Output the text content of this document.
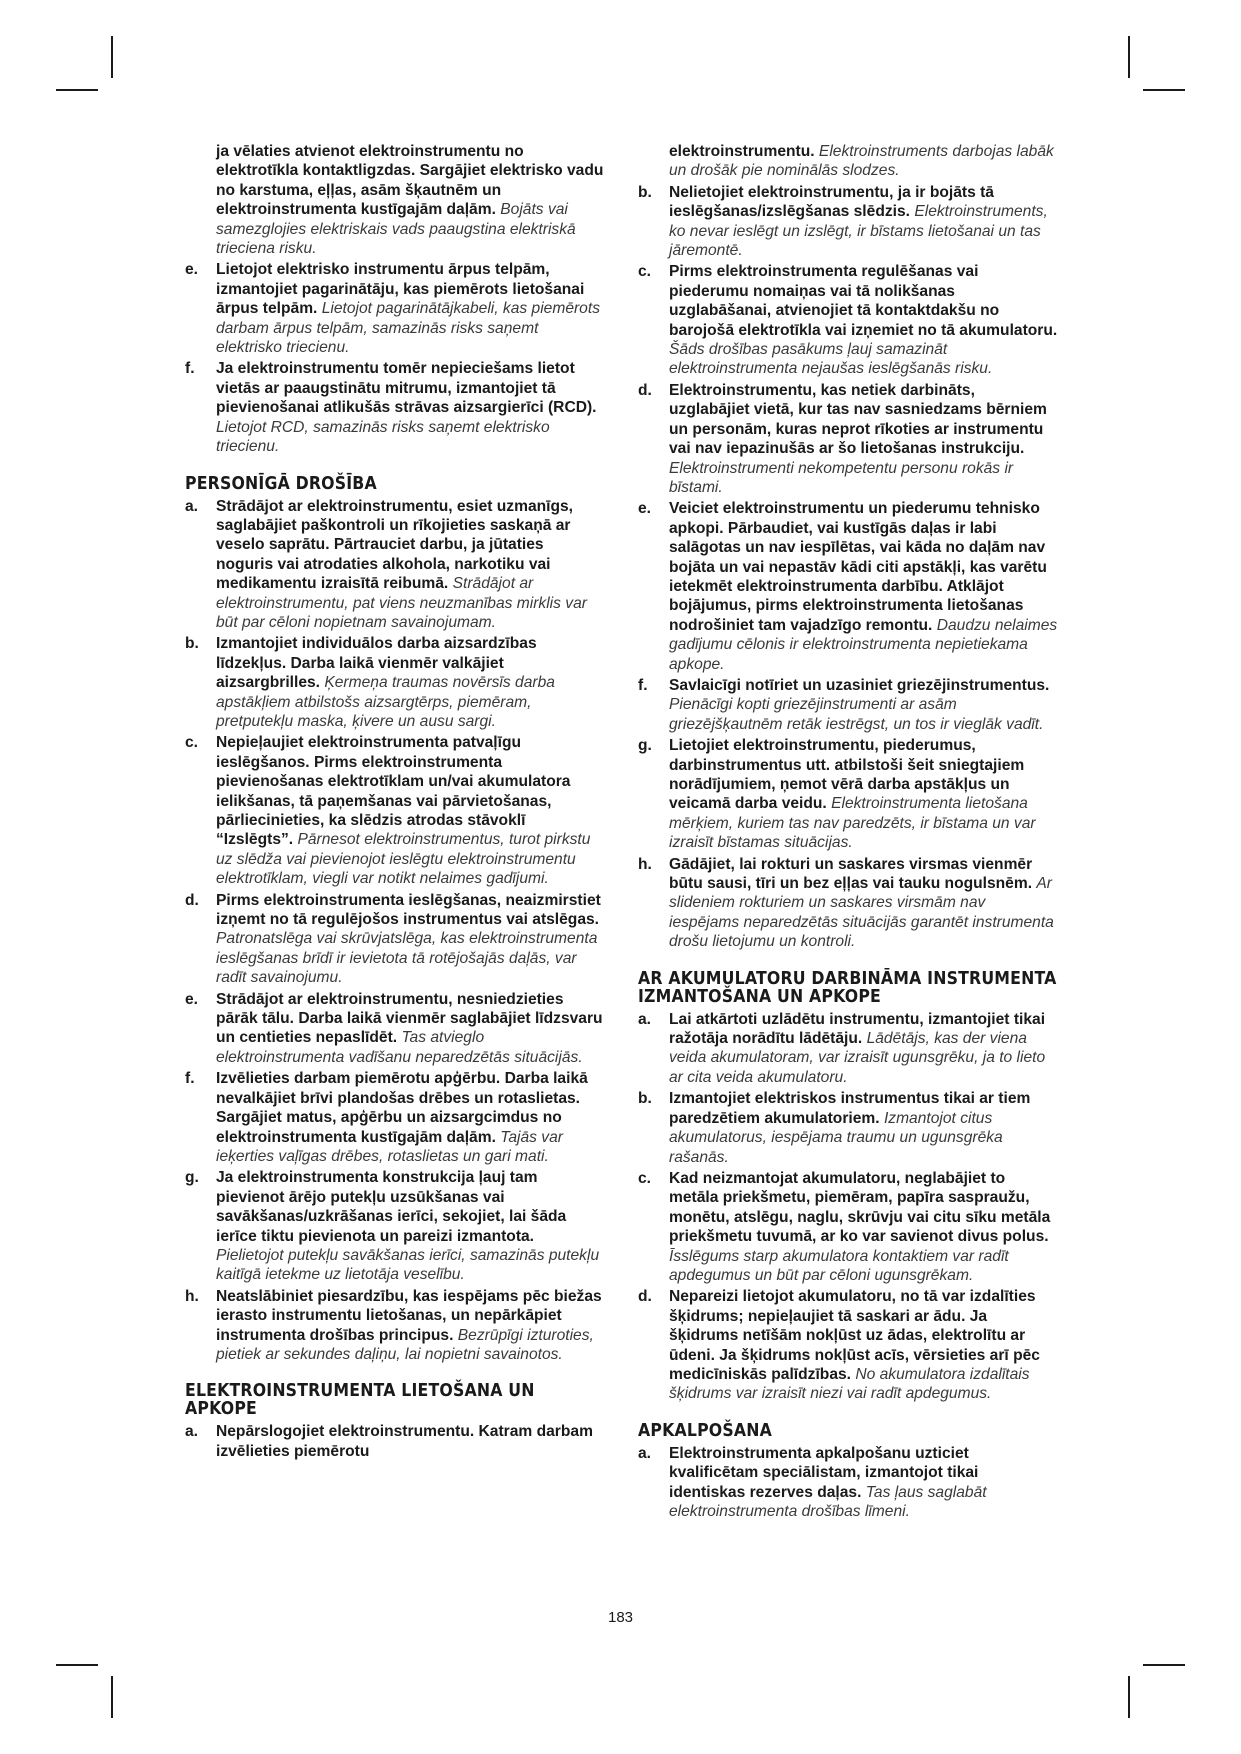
ja vēlaties atvienot elektroinstrumentu no elektrotīkla kontaktligzdas. Sargājiet elektrisko vadu no karstuma, eļļas, asām šķautnēm un elektroinstrumenta kustīgajām daļām. Bojāts vai samezglojies elektriskais vads paaugstina elektriskā trieciena risku.

e. Lietojot elektrisko instrumentu ārpus telpām, izmantojiet pagarinātāju, kas piemērots lietošanai ārpus telpām. Lietojot pagarinātājkabeli, kas piemērots darbam ārpus telpām, samazinās risks saņemt elektrisko triecienu.

f. Ja elektroinstrumentu tomēr nepieciešams lietot vietās ar paaugstinātu mitrumu, izmantojiet tā pievienošanai atlikušās strāvas aizsargierīci (RCD). Lietojot RCD, samazinās risks saņemt elektrisko triecienu.

PERSONĪGĀ DROŠĪBA

a. Strādājot ar elektroinstrumentu, esiet uzmanīgs, saglabājiet paškontroli un rīkojieties saskaņā ar veselo saprātu. Pārtrauciet darbu, ja jūtaties noguris vai atrodaties alkohola, narkotiku vai medikamentu izraisītā reibumā. Strādājot ar elektroinstrumentu, pat viens neuzmanības mirklis var būt par cēloni nopietnam savainojumam.

b. Izmantojiet individuālos darba aizsardzības līdzekļus. Darba laikā vienmēr valkājiet aizsargbrilles. Ķermeņa traumas novērsīs darba apstākļiem atbilstošs aizsargtērps, piemēram, pretputekļu maska, ķivere un ausu sargi.

c. Nepieļaujiet elektroinstrumenta patvaļīgu ieslēgšanos. Pirms elektroinstrumenta pievienošanas elektrotīklam un/vai akumulatora ielikšanas, tā paņemšanas vai pārvietošanas, pārliecinieties, ka slēdzis atrodas stāvoklī “Izslēgts”. Pārnesot elektroinstrumentus, turot pirkstu uz slēdža vai pievienojot ieslēgtu elektroinstrumentu elektrotīklam, viegli var notikt nelaimes gadījumi.

d. Pirms elektroinstrumenta ieslēgšanas, neaizmirstiet izņemt no tā regulējošos instrumentus vai atslēgas. Patronatslēga vai skrūvjatslēga, kas elektroinstrumenta ieslēgšanas brīdī ir ievietota tā rotējošajās daļās, var radīt savainojumu.

e. Strādājot ar elektroinstrumentu, nesniedzieties pārāk tālu. Darba laikā vienmēr saglabājiet līdzsvaru un centieties nepaslīdēt. Tas atvieglo elektroinstrumenta vadīšanu neparedzētās situācijās.

f. Izvēlieties darbam piemērotu apģērbu. Darba laikā nevalkājiet brīvi plandošas drēbes un rotaslietas. Sargājiet matus, apģērbu un aizsargcimdus no elektroinstrumenta kustīgajām daļām. Tajās var ieķerties vaļīgas drēbes, rotaslietas un gari mati.

g. Ja elektroinstrumenta konstrukcija ļauj tam pievienot ārējo putekļu uzsūkšanas vai savākšanas/uzkrāšanas ierīci, sekojiet, lai šāda ierīce tiktu pievienota un pareizi izmantota. Pielietojot putekļu savākšanas ierīci, samazinās putekļu kaitīgā ietekme uz lietotāja veselību.

h. Neatslābiniet piesardzību, kas iespējams pēc biežas ierasto instrumentu lietošanas, un nepārkāpiet instrumenta drošības principus. Bezrūpīgi izturoties, pietiek ar sekundes daļiņu, lai nopietni savainotos.

ELEKTROINSTRUMENTA LIETOŠANA UN APKOPE

a. Nepārslogojiet elektroinstrumentu. Katram darbam izvēlieties piemērotu

elektroinstrumentu. Elektroinstruments darbojas labāk un drošāk pie nominālās slodzes.

b. Nelietojiet elektroinstrumentu, ja ir bojāts tā ieslēgšanas/izslēgšanas slēdzis. Elektroinstruments, ko nevar ieslēgt un izslēgt, ir bīstams lietošanai un tas jāremontē.

c. Pirms elektroinstrumenta regulēšanas vai piederumu nomaiņas vai tā nolikšanas uzglabāšanai, atvienojiet tā kontaktdakšu no barojošā elektrotīkla vai izņemiet no tā akumulatoru. Šāds drošības pasākums ļauj samazināt elektroinstrumenta nejaušas ieslēgšanās risku.

d. Elektroinstrumentu, kas netiek darbināts, uzglabājiet vietā, kur tas nav sasniedzams bērniem un personām, kuras neprot rīkoties ar instrumentu vai nav iepazinušās ar šo lietošanas instrukciju. Elektroinstrumenti nekompetentu personu rokās ir bīstami.

e. Veiciet elektroinstrumentu un piederumu tehnisko apkopi. Pārbaudiet, vai kustīgās daļas ir labi salāgotas un nav iespīlētas, vai kāda no daļām nav bojāta un vai nepastāv kādi citi apstākļi, kas varētu ietekmēt elektroinstrumenta darbību. Atklājot bojājumus, pirms elektroinstrumenta lietošanas nodrošiniet tam vajadzīgo remontu. Daudzu nelaimes gadījumu cēlonis ir elektroinstrumenta nepietiekama apkope.

f. Savlaicīgi notīriet un uzasiniet griezējinstrumentus. Pienācīgi kopti griezējinstrumenti ar asām griezējšķautnēm retāk iestrēgst, un tos ir vieglāk vadīt.

g. Lietojiet elektroinstrumentu, piederumus, darbinstrumentus utt. atbilstoši šeit sniegtajiem norādījumiem, ņemot vērā darba apstākļus un veicamā darba veidu. Elektroinstrumenta lietošana mērķiem, kuriem tas nav paredzēts, ir bīstama un var izraisīt bīstamas situācijas.

h. Gādājiet, lai rokturi un saskares virsmas vienmēr būtu sausi, tīri un bez eļļas vai tauku nogulsnēm. Ar slideniem rokturiem un saskares virsmām nav iespējams neparedzētās situācijās garantēt instrumenta drošu lietojumu un kontroli.

AR AKUMULATORU DARBINĀMA INSTRUMENTA IZMANTOŠANA UN APKOPE

a. Lai atkārtoti uzlādētu instrumentu, izmantojiet tikai ražotāja norādītu lādētāju. Lādētājs, kas der viena veida akumulatoram, var izraisīt ugunsgrēku, ja to lieto ar cita veida akumulatoru.

b. Izmantojiet elektriskos instrumentus tikai ar tiem paredzētiem akumulatoriem. Izmantojot citus akumulatorus, iespējama traumu un ugunsgrēka rašanās.

c. Kad neizmantojat akumulatoru, neglabājiet to metāla priekšmetu, piemēram, papīra saspraužu, monētu, atslēgu, naglu, skrūvju vai citu sīku metāla priekšmetu tuvumā, ar ko var savienot divus polus. Īsslēgums starp akumulatora kontaktiem var radīt apdegumus un būt par cēloni ugunsgrēkam.

d. Nepareizi lietojot akumulatoru, no tā var izdalīties šķidrums; nepieļaujiet tā saskari ar ādu. Ja šķidrums netīšām nokļūst uz ādas, elektrolītu ar ūdeni. Ja šķidrums nokļūst acīs, vērsieties arī pēc medicīniskās palīdzības. No akumulatora izdalītais šķidrums var izraisīt niezi vai radīt apdegumus.

APKALPOŠANA

a. Elektroinstrumenta apkalpošanu uzticiet kvalificētam speciālistam, izmantojot tikai identiskas rezerves daļas. Tas ļaus saglabāt elektroinstrumenta drošības līmeni.

183
